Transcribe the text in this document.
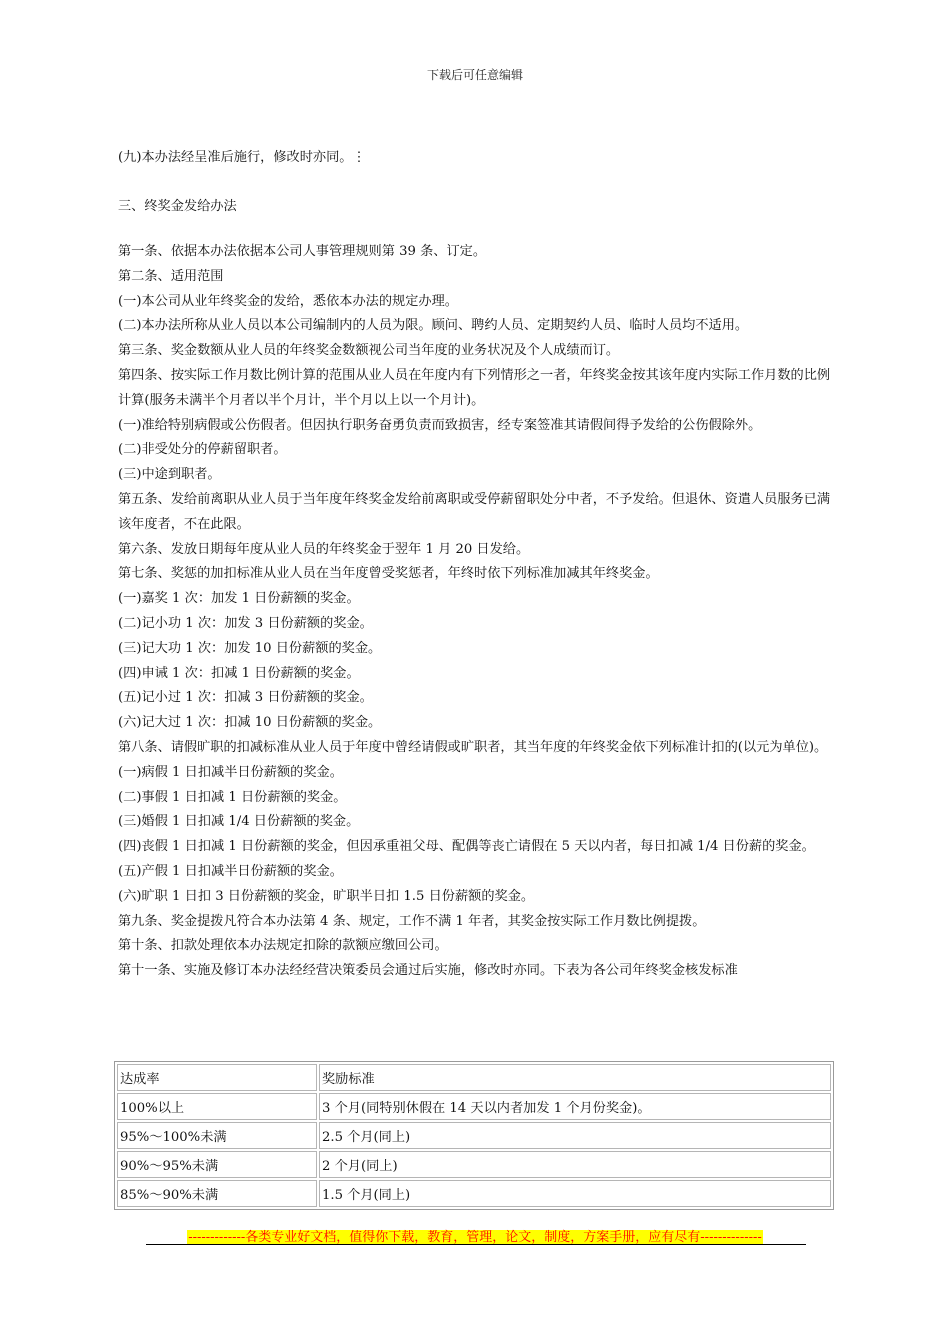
下载后可任意编辑
(九)本办法经呈准后施行，修改时亦同。⋮
三、终奖金发给办法

第一条、依据本办法依据本公司人事管理规则第 39 条、订定。

第二条、适用范围

(一)本公司从业年终奖金的发给，悉依本办法的规定办理。

(二)本办法所称从业人员以本公司编制内的人员为限。顾问、聘约人员、定期契约人员、临时人员均不适用。

第三条、奖金数额从业人员的年终奖金数额视公司当年度的业务状况及个人成绩而订。

第四条、按实际工作月数比例计算的范围从业人员在年度内有下列情形之一者，年终奖金按其该年度内实际工作月数的比例计算(服务未满半个月者以半个月计，半个月以上以一个月计)。

(一)准给特别病假或公伤假者。但因执行职务奋勇负责而致损害，经专案签准其请假间得予发给的公伤假除外。

(二)非受处分的停薪留职者。

(三)中途到职者。

第五条、发给前离职从业人员于当年度年终奖金发给前离职或受停薪留职处分中者，不予发给。但退休、资遣人员服务已满该年度者，不在此限。

第六条、发放日期每年度从业人员的年终奖金于翌年 1 月 20 日发给。

第七条、奖惩的加扣标准从业人员在当年度曾受奖惩者，年终时依下列标准加减其年终奖金。

(一)嘉奖 1 次：加发 1 日份薪额的奖金。

(二)记小功 1 次：加发 3 日份薪额的奖金。

(三)记大功 1 次：加发 10 日份薪额的奖金。

(四)申诫 1 次：扣减 1 日份薪额的奖金。

(五)记小过 1 次：扣减 3 日份薪额的奖金。

(六)记大过 1 次：扣减 10 日份薪额的奖金。

第八条、请假旷职的扣减标准从业人员于年度中曾经请假或旷职者，其当年度的年终奖金依下列标准计扣的(以元为单位)。

(一)病假 1 日扣减半日份薪额的奖金。

(二)事假 1 日扣减 1 日份薪额的奖金。

(三)婚假 1 日扣减 1/4 日份薪额的奖金。

(四)丧假 1 日扣减 1 日份薪额的奖金，但因承重祖父母、配偶等丧亡请假在 5 天以内者，每日扣减 1/4 日份薪的奖金。

(五)产假 1 日扣减半日份薪额的奖金。

(六)旷职 1 日扣 3 日份薪额的奖金，旷职半日扣 1.5 日份薪额的奖金。

第九条、奖金提拨凡符合本办法第 4 条、规定，工作不满 1 年者，其奖金按实际工作月数比例提拨。

第十条、扣款处理依本办法规定扣除的款额应缴回公司。

第十一条、实施及修订本办法经经营决策委员会通过后实施，修改时亦同。下表为各公司年终奖金核发标准

达成率	奖励标准
100%以上	3 个月(同特别休假在 14 天以内者加发 1 个月份奖金)。
95%～100%未满	2.5 个月(同上)
90%～95%未满	2 个月(同上)
85%～90%未满	1.5 个月(同上)
-------------各类专业好文档，值得你下载，教育，管理，论文，制度，方案手册，应有尽有--------------
